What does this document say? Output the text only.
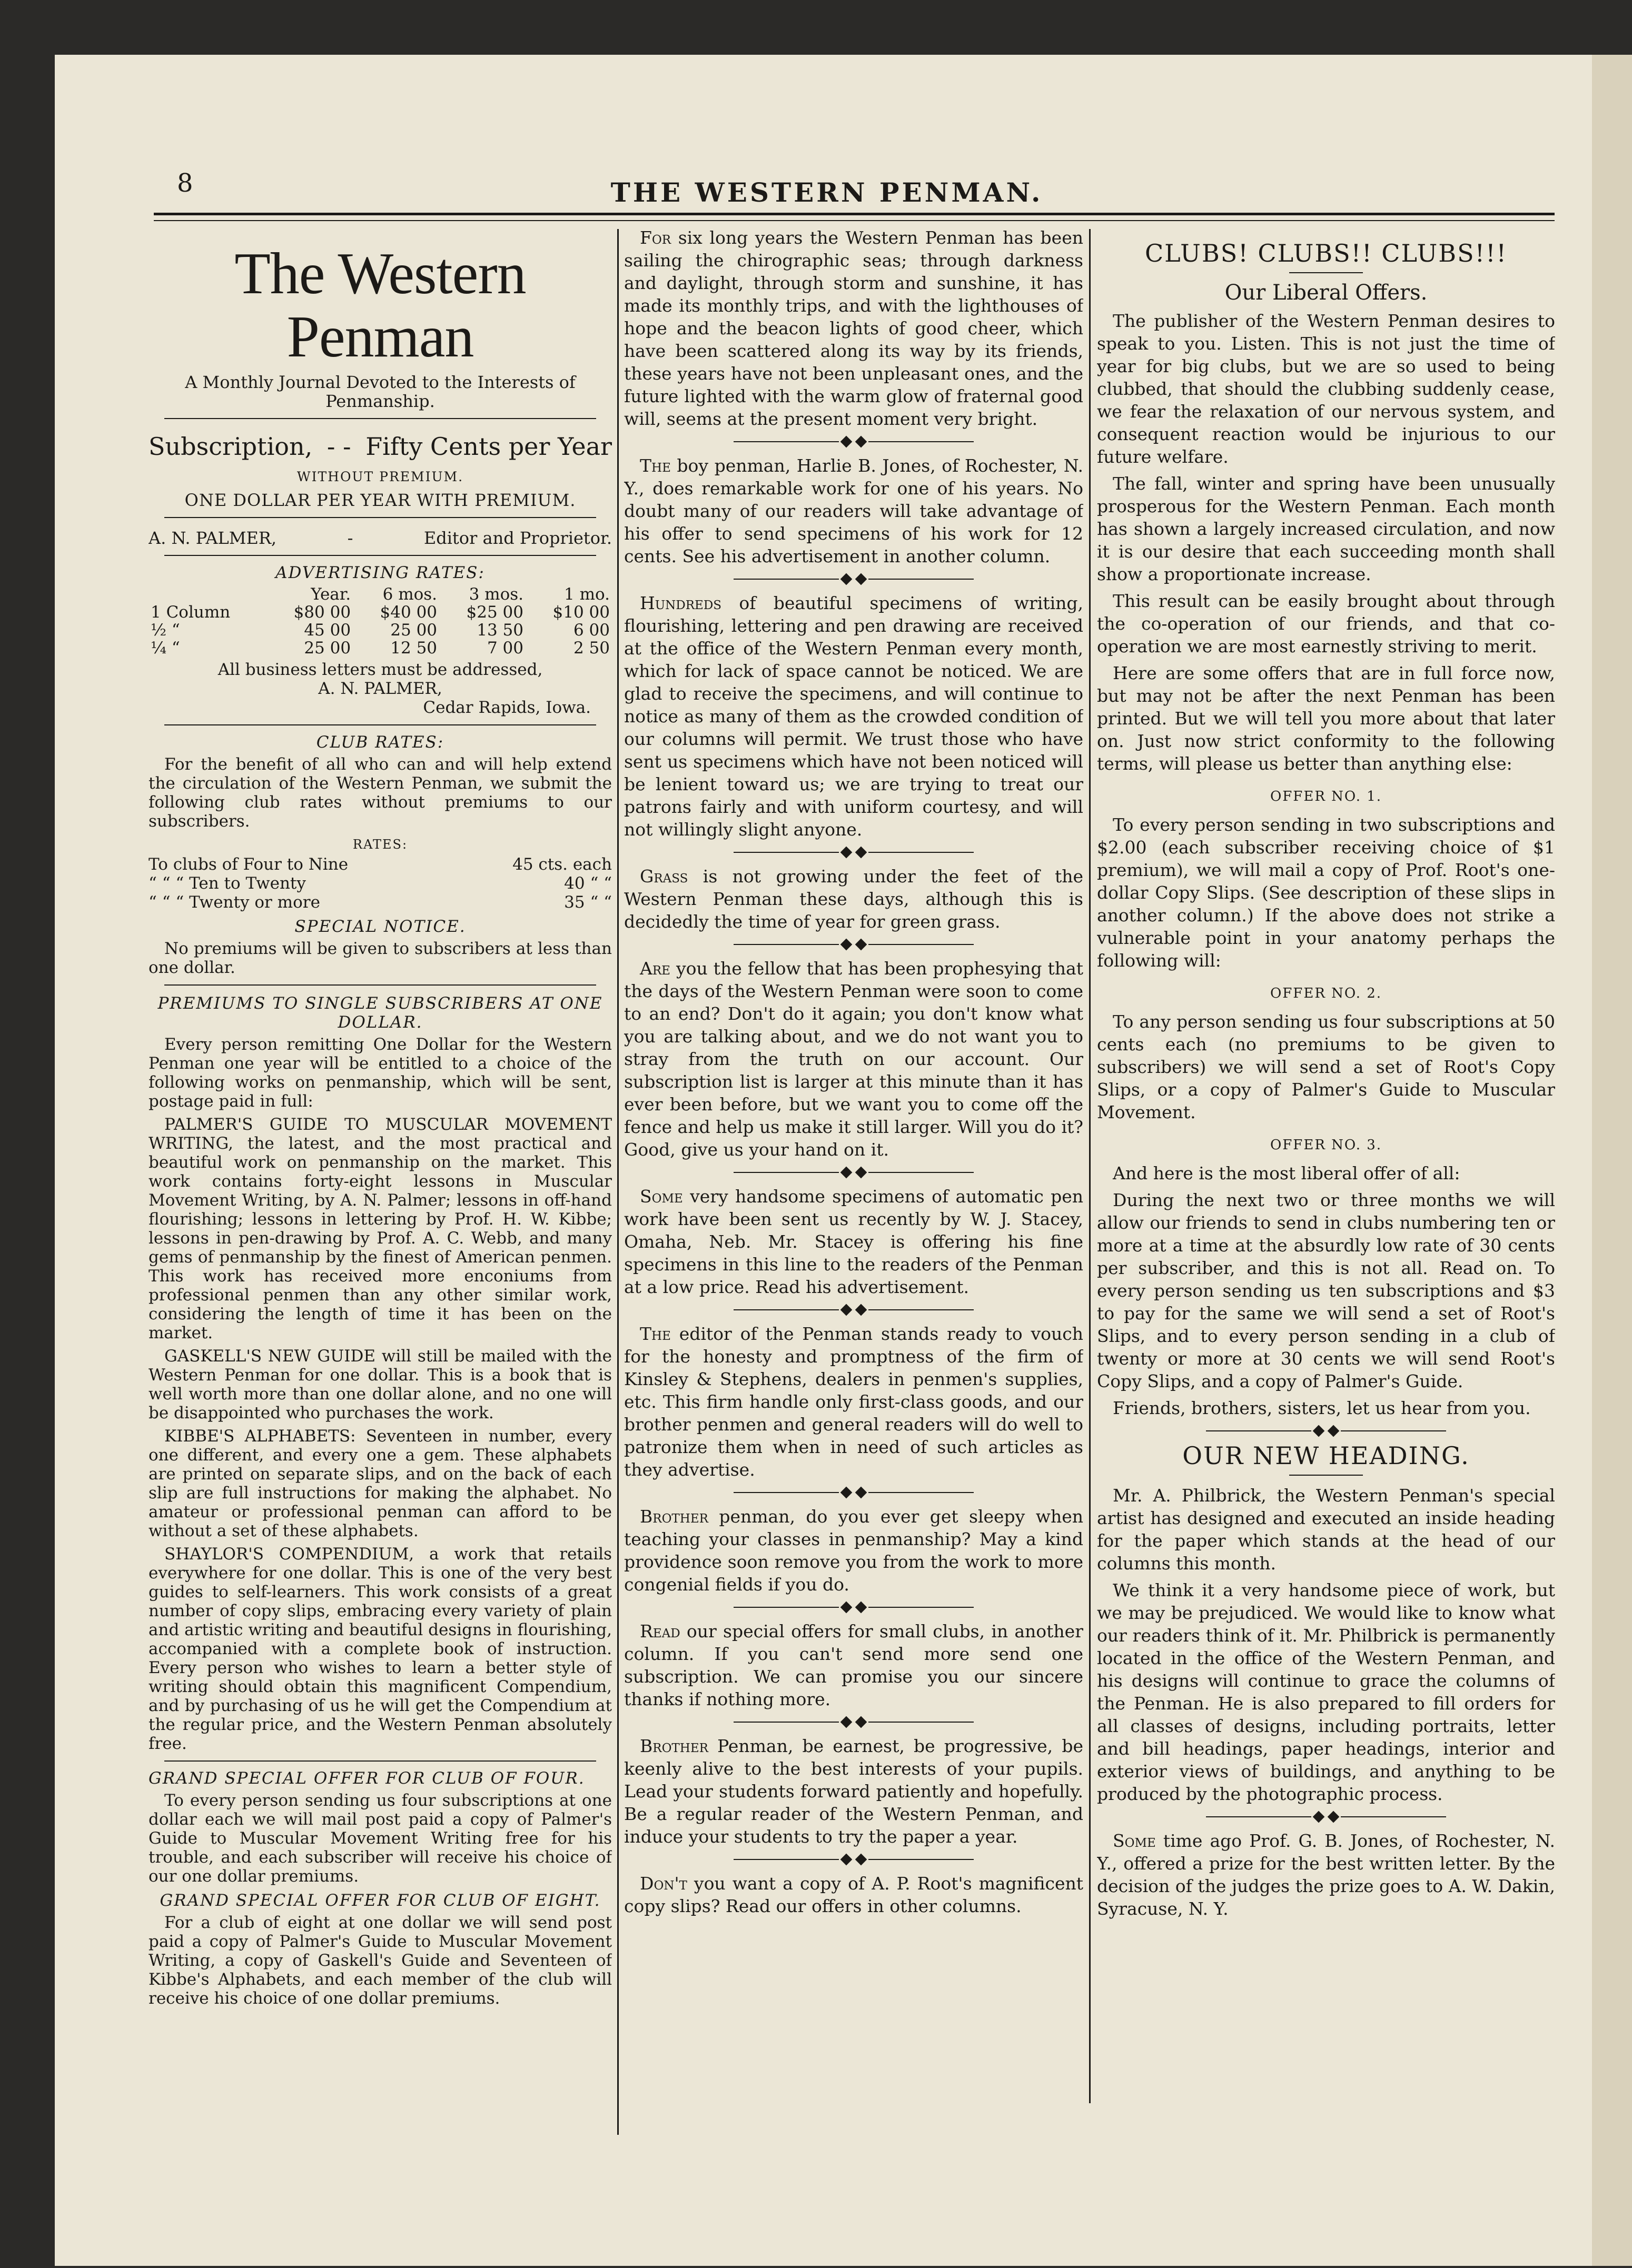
8	THE WESTERN PENMAN.
The Western Penman

A Monthly Journal Devoted to the Interests of Penmanship.

Subscription, - - Fifty Cents per Year

WITHOUT PREMIUM.

ONE DOLLAR PER YEAR WITH PREMIUM.

A. N. PALMER,	-	Editor and Proprietor.
ADVERTISING RATES:
	Year.	6 mos.	3 mos.	1 mo.
1 Column	$80 00	$40 00	$25 00	$10 00
½ “	45 00	25 00	13 50	6 00
¼ “	25 00	12 50	7 00	2 50

All business letters must be addressed,

A. N. PALMER,

Cedar Rapids, Iowa.

CLUB RATES:

For the benefit of all who can and will help extend the circulation of the Western Penman, we submit the following club rates without premiums to our subscribers.

RATES:

To clubs of Four to Nine	45 cts. each
“ “ “ Ten to Twenty	40 “ “
“ “ “ Twenty or more	35 “ “
SPECIAL NOTICE.

No premiums will be given to subscribers at less than one dollar.

PREMIUMS TO SINGLE SUBSCRIBERS AT ONE DOLLAR.

Every person remitting One Dollar for the Western Penman one year will be entitled to a choice of the following works on penmanship, which will be sent, postage paid in full:

PALMER'S GUIDE TO MUSCULAR MOVEMENT WRITING, the latest, and the most practical and beautiful work on penmanship on the market. This work contains forty-eight lessons in Muscular Movement Writing, by A. N. Palmer; lessons in off-hand flourishing; lessons in lettering by Prof. H. W. Kibbe; lessons in pen-drawing by Prof. A. C. Webb, and many gems of penmanship by the finest of American penmen. This work has received more enconiums from professional penmen than any other similar work, considering the length of time it has been on the market.

GASKELL'S NEW GUIDE will still be mailed with the Western Penman for one dollar. This is a book that is well worth more than one dollar alone, and no one will be disappointed who purchases the work.

KIBBE'S ALPHABETS: Seventeen in number, every one different, and every one a gem. These alphabets are printed on separate slips, and on the back of each slip are full instructions for making the alphabet. No amateur or professional penman can afford to be without a set of these alphabets.

SHAYLOR'S COMPENDIUM, a work that retails everywhere for one dollar. This is one of the very best guides to self-learners. This work consists of a great number of copy slips, embracing every variety of plain and artistic writing and beautiful designs in flourishing, accompanied with a complete book of instruction. Every person who wishes to learn a better style of writing should obtain this magnificent Compendium, and by purchasing of us he will get the Compendium at the regular price, and the Western Penman absolutely free.

GRAND SPECIAL OFFER FOR CLUB OF FOUR.

To every person sending us four subscriptions at one dollar each we will mail post paid a copy of Palmer's Guide to Muscular Movement Writing free for his trouble, and each subscriber will receive his choice of our one dollar premiums.

GRAND SPECIAL OFFER FOR CLUB OF EIGHT.

For a club of eight at one dollar we will send post paid a copy of Palmer's Guide to Muscular Movement Writing, a copy of Gaskell's Guide and Seventeen of Kibbe's Alphabets, and each member of the club will receive his choice of one dollar premiums.

For six long years the Western Penman has been sailing the chirographic seas; through darkness and daylight, through storm and sunshine, it has made its monthly trips, and with the lighthouses of hope and the beacon lights of good cheer, which have been scattered along its way by its friends, these years have not been unpleasant ones, and the future lighted with the warm glow of fraternal good will, seems at the present moment very bright.

The boy penman, Harlie B. Jones, of Rochester, N. Y., does remarkable work for one of his years. No doubt many of our readers will take advantage of his offer to send specimens of his work for 12 cents. See his advertisement in another column.

Hundreds of beautiful specimens of writing, flourishing, lettering and pen drawing are received at the office of the Western Penman every month, which for lack of space cannot be noticed. We are glad to receive the specimens, and will continue to notice as many of them as the crowded condition of our columns will permit. We trust those who have sent us specimens which have not been noticed will be lenient toward us; we are trying to treat our patrons fairly and with uniform courtesy, and will not willingly slight anyone.

Grass is not growing under the feet of the Western Penman these days, although this is decidedly the time of year for green grass.

Are you the fellow that has been prophesying that the days of the Western Penman were soon to come to an end? Don't do it again; you don't know what you are talking about, and we do not want you to stray from the truth on our account. Our subscription list is larger at this minute than it has ever been before, but we want you to come off the fence and help us make it still larger. Will you do it? Good, give us your hand on it.

Some very handsome specimens of automatic pen work have been sent us recently by W. J. Stacey, Omaha, Neb. Mr. Stacey is offering his fine specimens in this line to the readers of the Penman at a low price. Read his advertisement.

The editor of the Penman stands ready to vouch for the honesty and promptness of the firm of Kinsley & Stephens, dealers in penmen's supplies, etc. This firm handle only first-class goods, and our brother penmen and general readers will do well to patronize them when in need of such articles as they advertise.

Brother penman, do you ever get sleepy when teaching your classes in penmanship? May a kind providence soon remove you from the work to more congenial fields if you do.

Read our special offers for small clubs, in another column. If you can't send more send one subscription. We can promise you our sincere thanks if nothing more.

Brother Penman, be earnest, be progressive, be keenly alive to the best interests of your pupils. Lead your students forward patiently and hopefully. Be a regular reader of the Western Penman, and induce your students to try the paper a year.

Don't you want a copy of A. P. Root's magnificent copy slips? Read our offers in other columns.

CLUBS! CLUBS!! CLUBS!!!
Our Liberal Offers.

The publisher of the Western Penman desires to speak to you. Listen. This is not just the time of year for big clubs, but we are so used to being clubbed, that should the clubbing suddenly cease, we fear the relaxation of our nervous system, and consequent reaction would be injurious to our future welfare.

The fall, winter and spring have been unusually prosperous for the Western Penman. Each month has shown a largely increased circulation, and now it is our desire that each succeeding month shall show a proportionate increase.

This result can be easily brought about through the co-operation of our friends, and that co-operation we are most earnestly striving to merit.

Here are some offers that are in full force now, but may not be after the next Penman has been printed. But we will tell you more about that later on. Just now strict conformity to the following terms, will please us better than anything else:

OFFER NO. 1.

To every person sending in two subscriptions and $2.00 (each subscriber receiving choice of $1 premium), we will mail a copy of Prof. Root's one-dollar Copy Slips. (See description of these slips in another column.) If the above does not strike a vulnerable point in your anatomy perhaps the following will:

OFFER NO. 2.

To any person sending us four subscriptions at 50 cents each (no premiums to be given to subscribers) we will send a set of Root's Copy Slips, or a copy of Palmer's Guide to Muscular Movement.

OFFER NO. 3.

And here is the most liberal offer of all:

During the next two or three months we will allow our friends to send in clubs numbering ten or more at a time at the absurdly low rate of 30 cents per subscriber, and this is not all. Read on. To every person sending us ten subscriptions and $3 to pay for the same we will send a set of Root's Slips, and to every person sending in a club of twenty or more at 30 cents we will send Root's Copy Slips, and a copy of Palmer's Guide.

Friends, brothers, sisters, let us hear from you.

OUR NEW HEADING.

Mr. A. Philbrick, the Western Penman's special artist has designed and executed an inside heading for the paper which stands at the head of our columns this month.

We think it a very handsome piece of work, but we may be prejudiced. We would like to know what our readers think of it. Mr. Philbrick is permanently located in the office of the Western Penman, and his designs will continue to grace the columns of the Penman. He is also prepared to fill orders for all classes of designs, including portraits, letter and bill headings, paper headings, interior and exterior views of buildings, and anything to be produced by the photographic process.

Some time ago Prof. G. B. Jones, of Rochester, N. Y., offered a prize for the best written letter. By the decision of the judges the prize goes to A. W. Dakin, Syracuse, N. Y.
